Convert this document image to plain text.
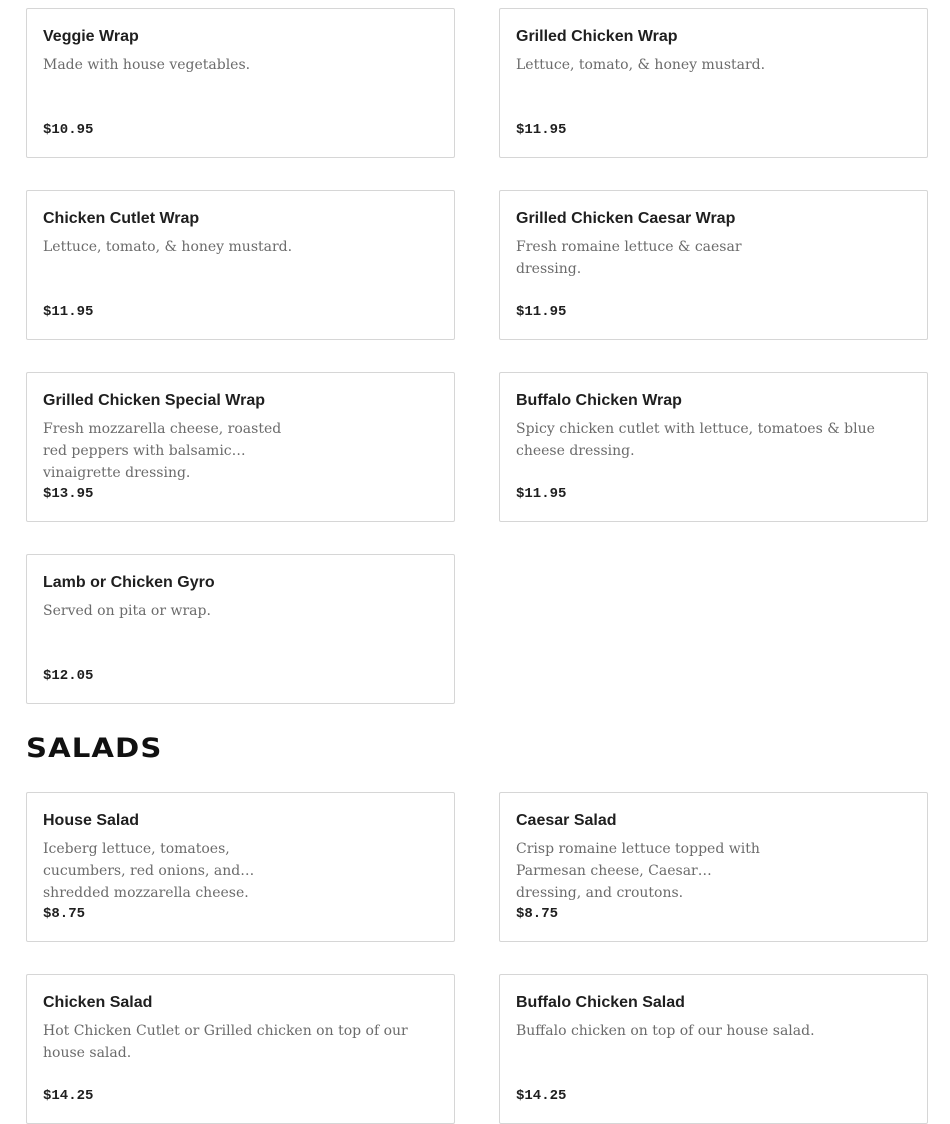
Veggie Wrap
Made with house vegetables.
$10.95
Grilled Chicken Wrap
Lettuce, tomato, & honey mustard.
$11.95
Chicken Cutlet Wrap
Lettuce, tomato, & honey mustard.
$11.95
Grilled Chicken Caesar Wrap
Fresh romaine lettuce & caesar dressing.
$11.95
Grilled Chicken Special Wrap
Fresh mozzarella cheese, roasted red peppers with balsamic vinaigrette dressing.
$13.95
Buffalo Chicken Wrap
Spicy chicken cutlet with lettuce, tomatoes & blue cheese dressing.
$11.95
Lamb or Chicken Gyro
Served on pita or wrap.
$12.05
SALADS
House Salad
Iceberg lettuce, tomatoes, cucumbers, red onions, and shredded mozzarella cheese.
$8.75
Caesar Salad
Crisp romaine lettuce topped with Parmesan cheese, Caesar dressing, and croutons.
$8.75
Chicken Salad
Hot Chicken Cutlet or Grilled chicken on top of our house salad.
$14.25
Buffalo Chicken Salad
Buffalo chicken on top of our house salad.
$14.25
